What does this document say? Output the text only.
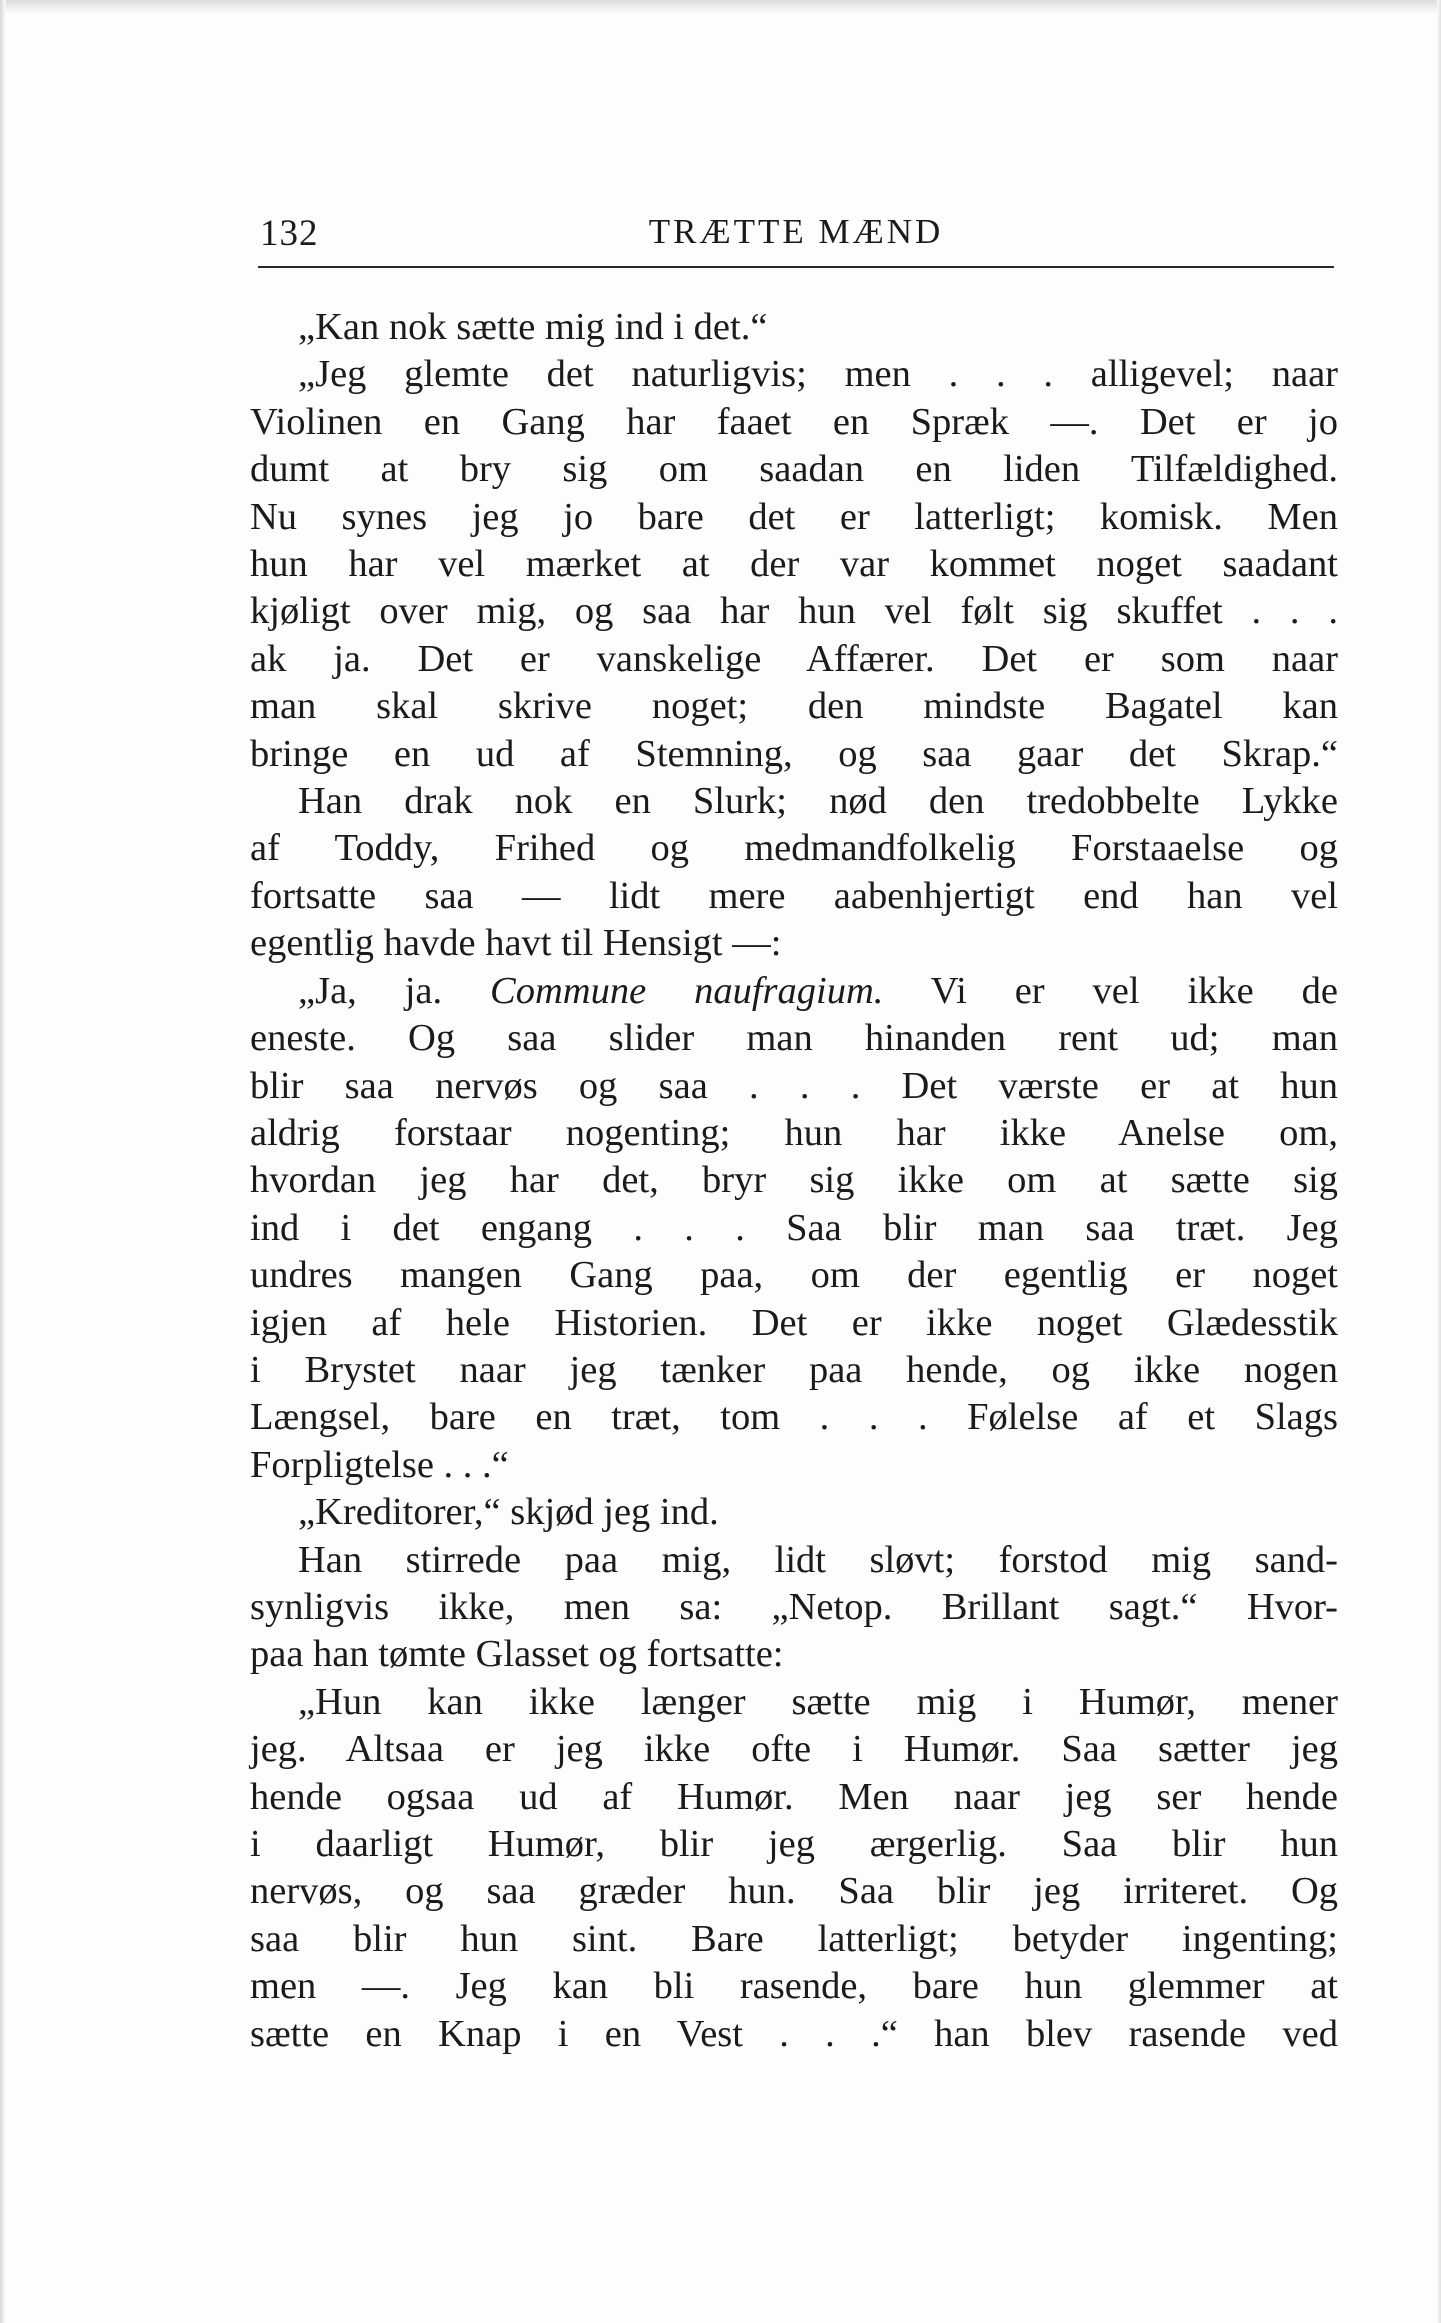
132	TRÆTTE MÆND
„Kan nok sætte mig ind i det.“
„Jeg glemte det naturligvis; men . . . alligevel; naar
Violinen en Gang har faaet en Spræk —. Det er jo
dumt at bry sig om saadan en liden Tilfældighed.
Nu synes jeg jo bare det er latterligt; komisk. Men
hun har vel mærket at der var kommet noget saadant
kjøligt over mig, og saa har hun vel følt sig skuffet . . .
ak ja. Det er vanskelige Affærer. Det er som naar
man skal skrive noget; den mindste Bagatel kan
bringe en ud af Stemning, og saa gaar det Skrap.“
Han drak nok en Slurk; nød den tredobbelte Lykke
af Toddy, Frihed og medmandfolkelig Forstaaelse og
fortsatte saa — lidt mere aabenhjertigt end han vel
egentlig havde havt til Hensigt —:
„Ja, ja. Commune naufragium. Vi er vel ikke de
eneste. Og saa slider man hinanden rent ud; man
blir saa nervøs og saa . . . Det værste er at hun
aldrig forstaar nogenting; hun har ikke Anelse om,
hvordan jeg har det, bryr sig ikke om at sætte sig
ind i det engang . . . Saa blir man saa træt. Jeg
undres mangen Gang paa, om der egentlig er noget
igjen af hele Historien. Det er ikke noget Glædesstik
i Brystet naar jeg tænker paa hende, og ikke nogen
Længsel, bare en træt, tom . . . Følelse af et Slags
Forpligtelse . . .“
„Kreditorer,“ skjød jeg ind.
Han stirrede paa mig, lidt sløvt; forstod mig sand-
synligvis ikke, men sa: „Netop. Brillant sagt.“ Hvor-
paa han tømte Glasset og fortsatte:
„Hun kan ikke længer sætte mig i Humør, mener
jeg. Altsaa er jeg ikke ofte i Humør. Saa sætter jeg
hende ogsaa ud af Humør. Men naar jeg ser hende
i daarligt Humør, blir jeg ærgerlig. Saa blir hun
nervøs, og saa græder hun. Saa blir jeg irriteret. Og
saa blir hun sint. Bare latterligt; betyder ingenting;
men —. Jeg kan bli rasende, bare hun glemmer at
sætte en Knap i en Vest . . .“ han blev rasende ved
